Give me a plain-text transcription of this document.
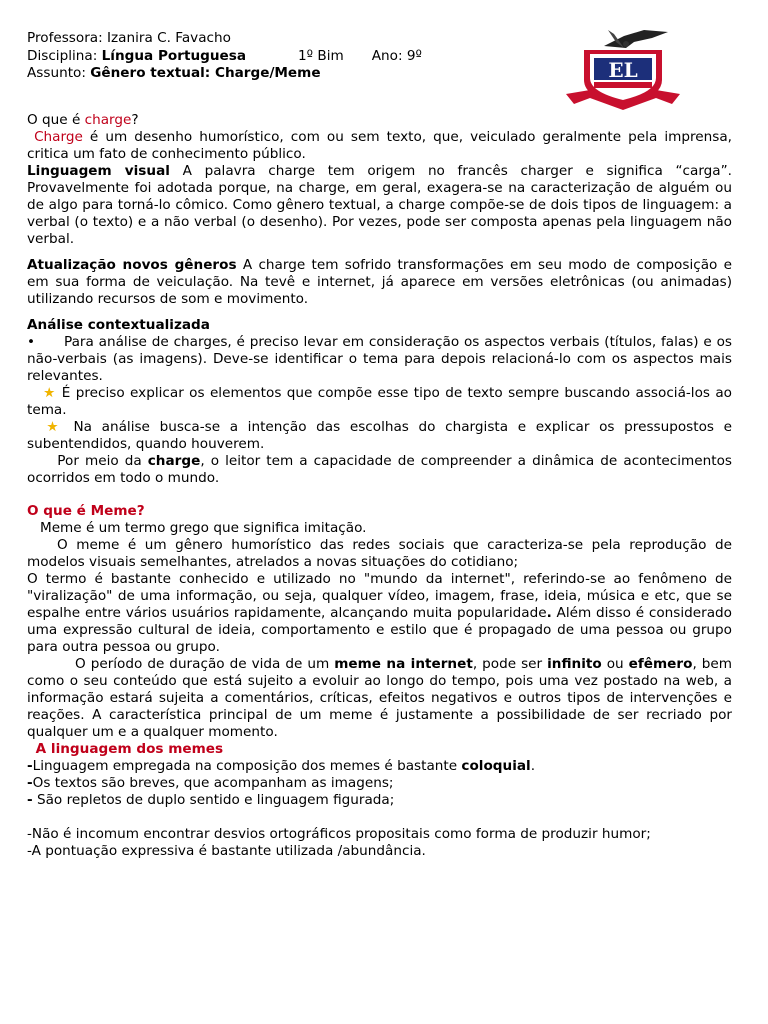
EL
Professora: Izanira C. Favacho
Disciplina: Língua Portuguesa	1º Bim Ano: 9º
Assunto: Gênero textual: Charge/Meme

O que é charge?

Charge é um desenho humorístico, com ou sem texto, que, veiculado geralmente pela imprensa, critica um fato de conhecimento público.

Linguagem visual A palavra charge tem origem no francês charger e significa “carga”. Provavelmente foi adotada porque, na charge, em geral, exagera-se na caracterização de alguém ou de algo para torná-lo cômico. Como gênero textual, a charge compõe-se de dois tipos de linguagem: a verbal (o texto) e a não verbal (o desenho). Por vezes, pode ser composta apenas pela linguagem não verbal.

Atualização novos gêneros A charge tem sofrido transformações em seu modo de composição e em sua forma de veiculação. Na tevê e internet, já aparece em versões eletrônicas (ou animadas) utilizando recursos de som e movimento.

Análise contextualizada

• Para análise de charges, é preciso levar em consideração os aspectos verbais (títulos, falas) e os não-verbais (as imagens). Deve-se identificar o tema para depois relacioná-lo com os aspectos mais relevantes.

★ É preciso explicar os elementos que compõe esse tipo de texto sempre buscando associá-los ao tema.

★ Na análise busca-se a intenção das escolhas do chargista e explicar os pressupostos e subentendidos, quando houverem.

Por meio da charge, o leitor tem a capacidade de compreender a dinâmica de acontecimentos ocorridos em todo o mundo.

O que é Meme?

Meme é um termo grego que significa imitação.

O meme é um gênero humorístico das redes sociais que caracteriza-se pela reprodução de modelos visuais semelhantes, atrelados a novas situações do cotidiano;

O termo é bastante conhecido e utilizado no "mundo da internet", referindo-se ao fenômeno de "viralização" de uma informação, ou seja, qualquer vídeo, imagem, frase, ideia, música e etc, que se espalhe entre vários usuários rapidamente, alcançando muita popularidade. Além disso é considerado uma expressão cultural de ideia, comportamento e estilo que é propagado de uma pessoa ou grupo para outra pessoa ou grupo.

O período de duração de vida de um meme na internet, pode ser infinito ou efêmero, bem como o seu conteúdo que está sujeito a evoluir ao longo do tempo, pois uma vez postado na web, a informação estará sujeita a comentários, críticas, efeitos negativos e outros tipos de intervenções e reações. A característica principal de um meme é justamente a possibilidade de ser recriado por qualquer um e a qualquer momento.

A linguagem dos memes

-Linguagem empregada na composição dos memes é bastante coloquial.

-Os textos são breves, que acompanham as imagens;

- São repletos de duplo sentido e linguagem figurada;

-Não é incomum encontrar desvios ortográficos propositais como forma de produzir humor;

-A pontuação expressiva é bastante utilizada /abundância.
